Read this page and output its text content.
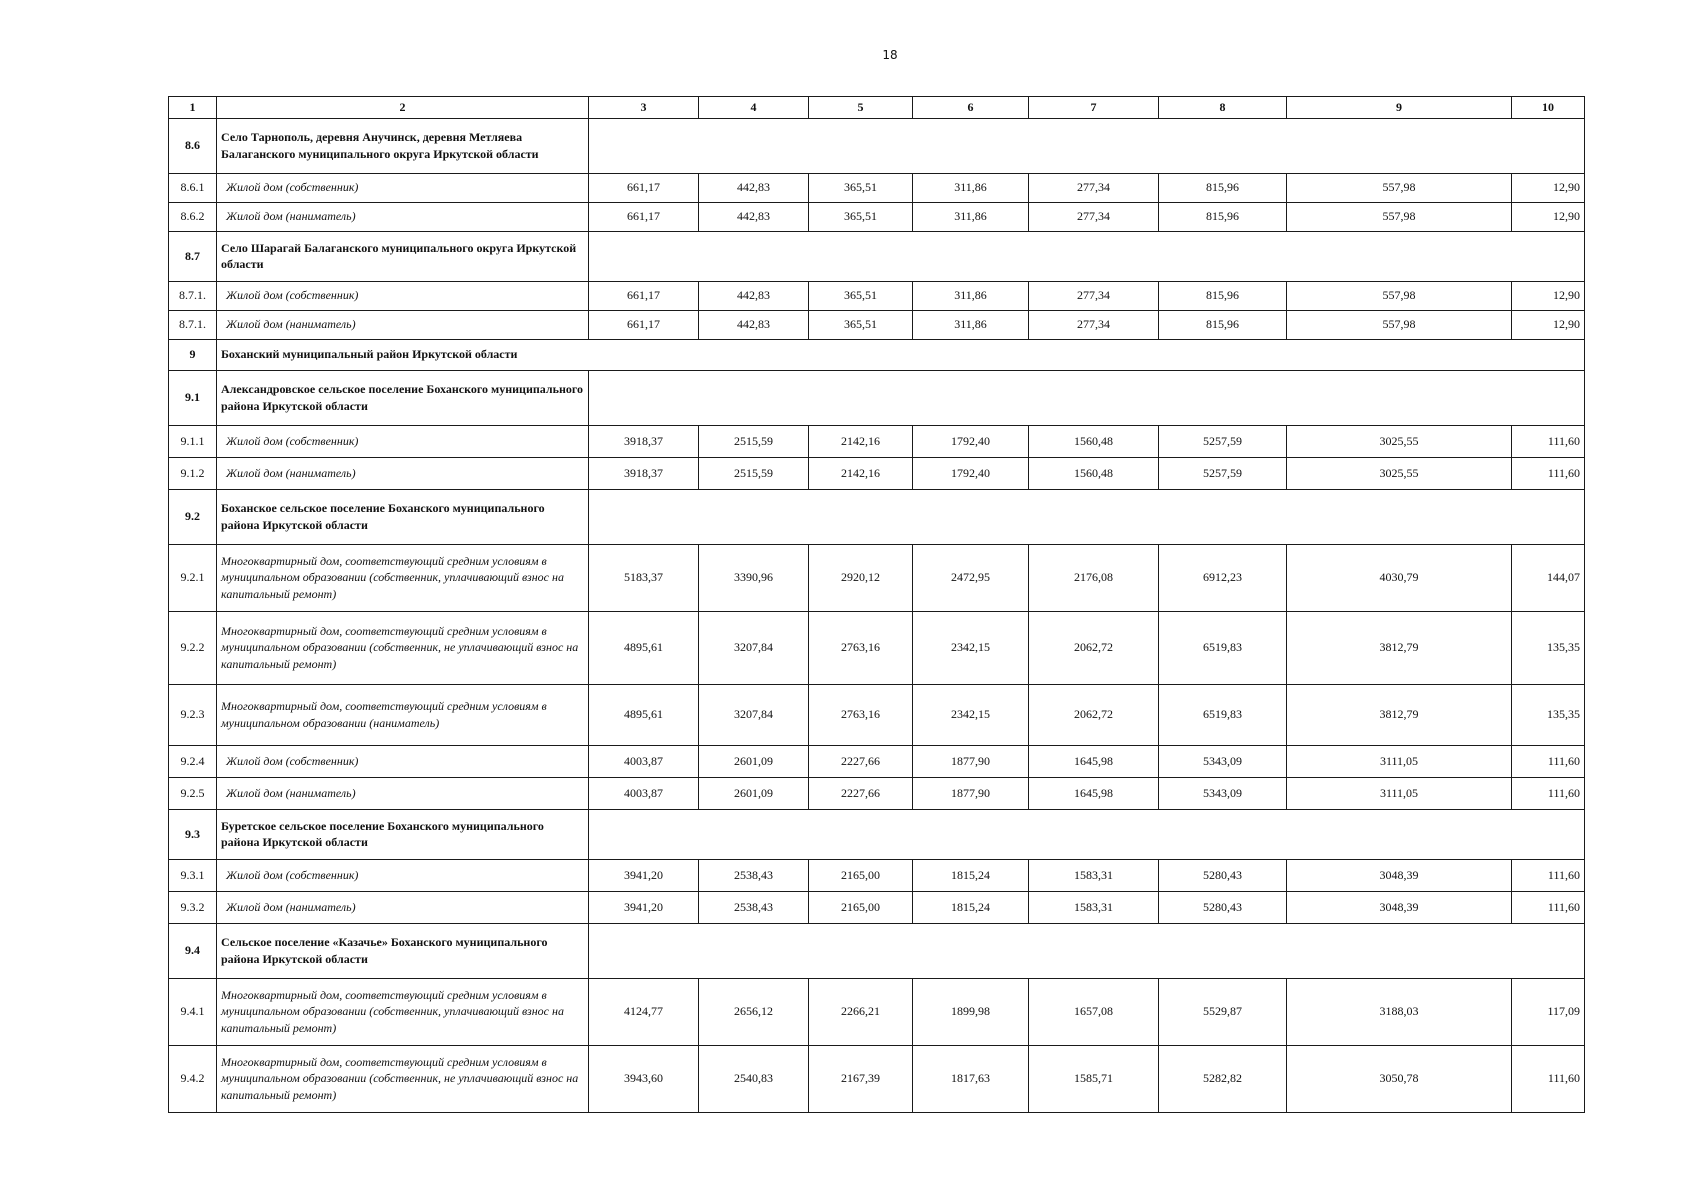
18
1	2	3	4	5	6	7	8	9	10
8.6	Село Тарнополь, деревня Анучинск, деревня Метляева Балаганского муниципального округа Иркутской области								
8.6.1	Жилой дом (собственник)	661,17	442,83	365,51	311,86	277,34	815,96	557,98	12,90
8.6.2	Жилой дом (наниматель)	661,17	442,83	365,51	311,86	277,34	815,96	557,98	12,90
8.7	Село Шарагай Балаганского муниципального округа Иркутской области								
8.7.1.	Жилой дом (собственник)	661,17	442,83	365,51	311,86	277,34	815,96	557,98	12,90
8.7.1.	Жилой дом (наниматель)	661,17	442,83	365,51	311,86	277,34	815,96	557,98	12,90
9	Боханский муниципальный район Иркутской области								
9.1	Александровское сельское поселение Боханского муниципального района Иркутской области								
9.1.1	Жилой дом (собственник)	3918,37	2515,59	2142,16	1792,40	1560,48	5257,59	3025,55	111,60
9.1.2	Жилой дом (наниматель)	3918,37	2515,59	2142,16	1792,40	1560,48	5257,59	3025,55	111,60
9.2	Боханское сельское поселение Боханского муниципального района Иркутской области								
9.2.1	Многоквартирный дом, соответствующий средним условиям в муниципальном образовании (собственник, уплачивающий взнос на капитальный ремонт)	5183,37	3390,96	2920,12	2472,95	2176,08	6912,23	4030,79	144,07
9.2.2	Многоквартирный дом, соответствующий средним условиям в муниципальном образовании (собственник, не уплачивающий взнос на капитальный ремонт)	4895,61	3207,84	2763,16	2342,15	2062,72	6519,83	3812,79	135,35
9.2.3	Многоквартирный дом, соответствующий средним условиям в муниципальном образовании (наниматель)	4895,61	3207,84	2763,16	2342,15	2062,72	6519,83	3812,79	135,35
9.2.4	Жилой дом (собственник)	4003,87	2601,09	2227,66	1877,90	1645,98	5343,09	3111,05	111,60
9.2.5	Жилой дом (наниматель)	4003,87	2601,09	2227,66	1877,90	1645,98	5343,09	3111,05	111,60
9.3	Буретское сельское поселение Боханского муниципального района Иркутской области								
9.3.1	Жилой дом (собственник)	3941,20	2538,43	2165,00	1815,24	1583,31	5280,43	3048,39	111,60
9.3.2	Жилой дом (наниматель)	3941,20	2538,43	2165,00	1815,24	1583,31	5280,43	3048,39	111,60
9.4	Сельское поселение «Казачье» Боханского муниципального района Иркутской области								
9.4.1	Многоквартирный дом, соответствующий средним условиям в муниципальном образовании (собственник, уплачивающий взнос на капитальный ремонт)	4124,77	2656,12	2266,21	1899,98	1657,08	5529,87	3188,03	117,09
9.4.2	Многоквартирный дом, соответствующий средним условиям в муниципальном образовании (собственник, не уплачивающий взнос на капитальный ремонт)	3943,60	2540,83	2167,39	1817,63	1585,71	5282,82	3050,78	111,60
